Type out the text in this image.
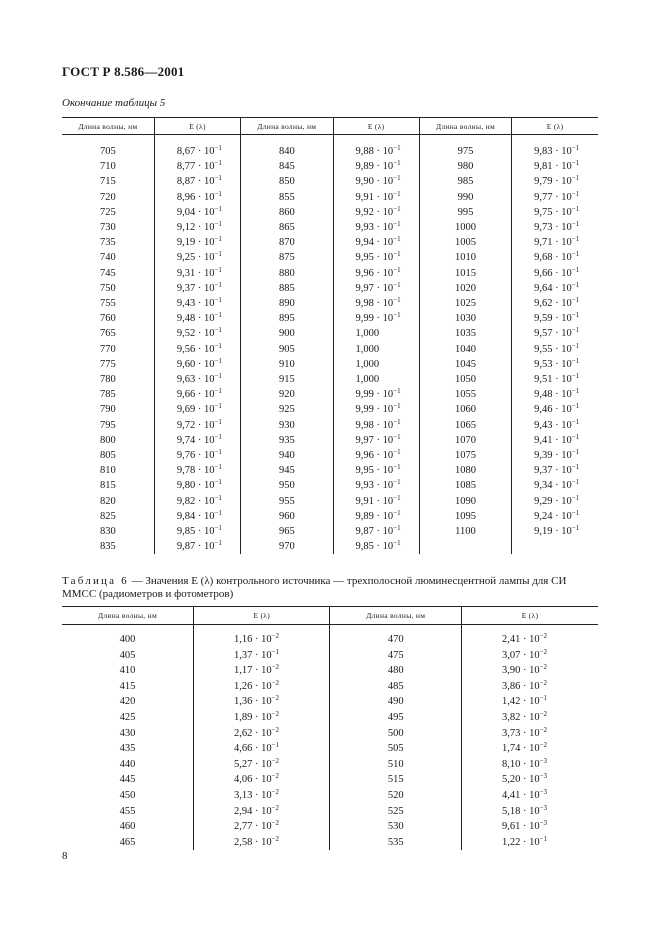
ГОСТ Р 8.586—2001
Окончание таблицы 5
Длина волны, нм	E (λ)	Длина волны, нм	E (λ)	Длина волны, нм	E (λ)

705	$8,67 \cdot 10^{-1}$	840	$9,88 \cdot 10^{-1}$	975	$9,83 \cdot 10^{-1}$
710	$8,77 \cdot 10^{-1}$	845	$9,89 \cdot 10^{-1}$	980	$9,81 \cdot 10^{-1}$
715	$8,87 \cdot 10^{-1}$	850	$9,90 \cdot 10^{-1}$	985	$9,79 \cdot 10^{-1}$
720	$8,96 \cdot 10^{-1}$	855	$9,91 \cdot 10^{-1}$	990	$9,77 \cdot 10^{-1}$
725	$9,04 \cdot 10^{-1}$	860	$9,92 \cdot 10^{-1}$	995	$9,75 \cdot 10^{-1}$
730	$9,12 \cdot 10^{-1}$	865	$9,93 \cdot 10^{-1}$	1000	$9,73 \cdot 10^{-1}$
735	$9,19 \cdot 10^{-1}$	870	$9,94 \cdot 10^{-1}$	1005	$9,71 \cdot 10^{-1}$
740	$9,25 \cdot 10^{-1}$	875	$9,95 \cdot 10^{-1}$	1010	$9,68 \cdot 10^{-1}$
745	$9,31 \cdot 10^{-1}$	880	$9,96 \cdot 10^{-1}$	1015	$9,66 \cdot 10^{-1}$
750	$9,37 \cdot 10^{-1}$	885	$9,97 \cdot 10^{-1}$	1020	$9,64 \cdot 10^{-1}$
755	$9,43 \cdot 10^{-1}$	890	$9,98 \cdot 10^{-1}$	1025	$9,62 \cdot 10^{-1}$
760	$9,48 \cdot 10^{-1}$	895	$9,99 \cdot 10^{-1}$	1030	$9,59 \cdot 10^{-1}$
765	$9,52 \cdot 10^{-1}$	900	1,000	1035	$9,57 \cdot 10^{-1}$
770	$9,56 \cdot 10^{-1}$	905	1,000	1040	$9,55 \cdot 10^{-1}$
775	$9,60 \cdot 10^{-1}$	910	1,000	1045	$9,53 \cdot 10^{-1}$
780	$9,63 \cdot 10^{-1}$	915	1,000	1050	$9,51 \cdot 10^{-1}$
785	$9,66 \cdot 10^{-1}$	920	$9,99 \cdot 10^{-1}$	1055	$9,48 \cdot 10^{-1}$
790	$9,69 \cdot 10^{-1}$	925	$9,99 \cdot 10^{-1}$	1060	$9,46 \cdot 10^{-1}$
795	$9,72 \cdot 10^{-1}$	930	$9,98 \cdot 10^{-1}$	1065	$9,43 \cdot 10^{-1}$
800	$9,74 \cdot 10^{-1}$	935	$9,97 \cdot 10^{-1}$	1070	$9,41 \cdot 10^{-1}$
805	$9,76 \cdot 10^{-1}$	940	$9,96 \cdot 10^{-1}$	1075	$9,39 \cdot 10^{-1}$
810	$9,78 \cdot 10^{-1}$	945	$9,95 \cdot 10^{-1}$	1080	$9,37 \cdot 10^{-1}$
815	$9,80 \cdot 10^{-1}$	950	$9,93 \cdot 10^{-1}$	1085	$9,34 \cdot 10^{-1}$
820	$9,82 \cdot 10^{-1}$	955	$9,91 \cdot 10^{-1}$	1090	$9,29 \cdot 10^{-1}$
825	$9,84 \cdot 10^{-1}$	960	$9,89 \cdot 10^{-1}$	1095	$9,24 \cdot 10^{-1}$
830	$9,85 \cdot 10^{-1}$	965	$9,87 \cdot 10^{-1}$	1100	$9,19 \cdot 10^{-1}$
835	$9,87 \cdot 10^{-1}$	970	$9,85 \cdot 10^{-1}$		
Таблица 6 — Значения E (λ) контрольного источника — трехполосной люминесцентной лампы для СИ ММСС (радиометров и фотометров)
Длина волны, нм	E (λ)	Длина волны, нм	E (λ)

400	$1,16 \cdot 10^{-2}$	470	$2,41 \cdot 10^{-2}$
405	$1,37 \cdot 10^{-1}$	475	$3,07 \cdot 10^{-2}$
410	$1,17 \cdot 10^{-2}$	480	$3,90 \cdot 10^{-2}$
415	$1,26 \cdot 10^{-2}$	485	$3,86 \cdot 10^{-2}$
420	$1,36 \cdot 10^{-2}$	490	$1,42 \cdot 10^{-1}$
425	$1,89 \cdot 10^{-2}$	495	$3,82 \cdot 10^{-2}$
430	$2,62 \cdot 10^{-2}$	500	$3,73 \cdot 10^{-2}$
435	$4,66 \cdot 10^{-1}$	505	$1,74 \cdot 10^{-2}$
440	$5,27 \cdot 10^{-2}$	510	$8,10 \cdot 10^{-3}$
445	$4,06 \cdot 10^{-2}$	515	$5,20 \cdot 10^{-3}$
450	$3,13 \cdot 10^{-2}$	520	$4,41 \cdot 10^{-3}$
455	$2,94 \cdot 10^{-2}$	525	$5,18 \cdot 10^{-3}$
460	$2,77 \cdot 10^{-2}$	530	$9,61 \cdot 10^{-3}$
465	$2,58 \cdot 10^{-2}$	535	$1,22 \cdot 10^{-1}$
8
